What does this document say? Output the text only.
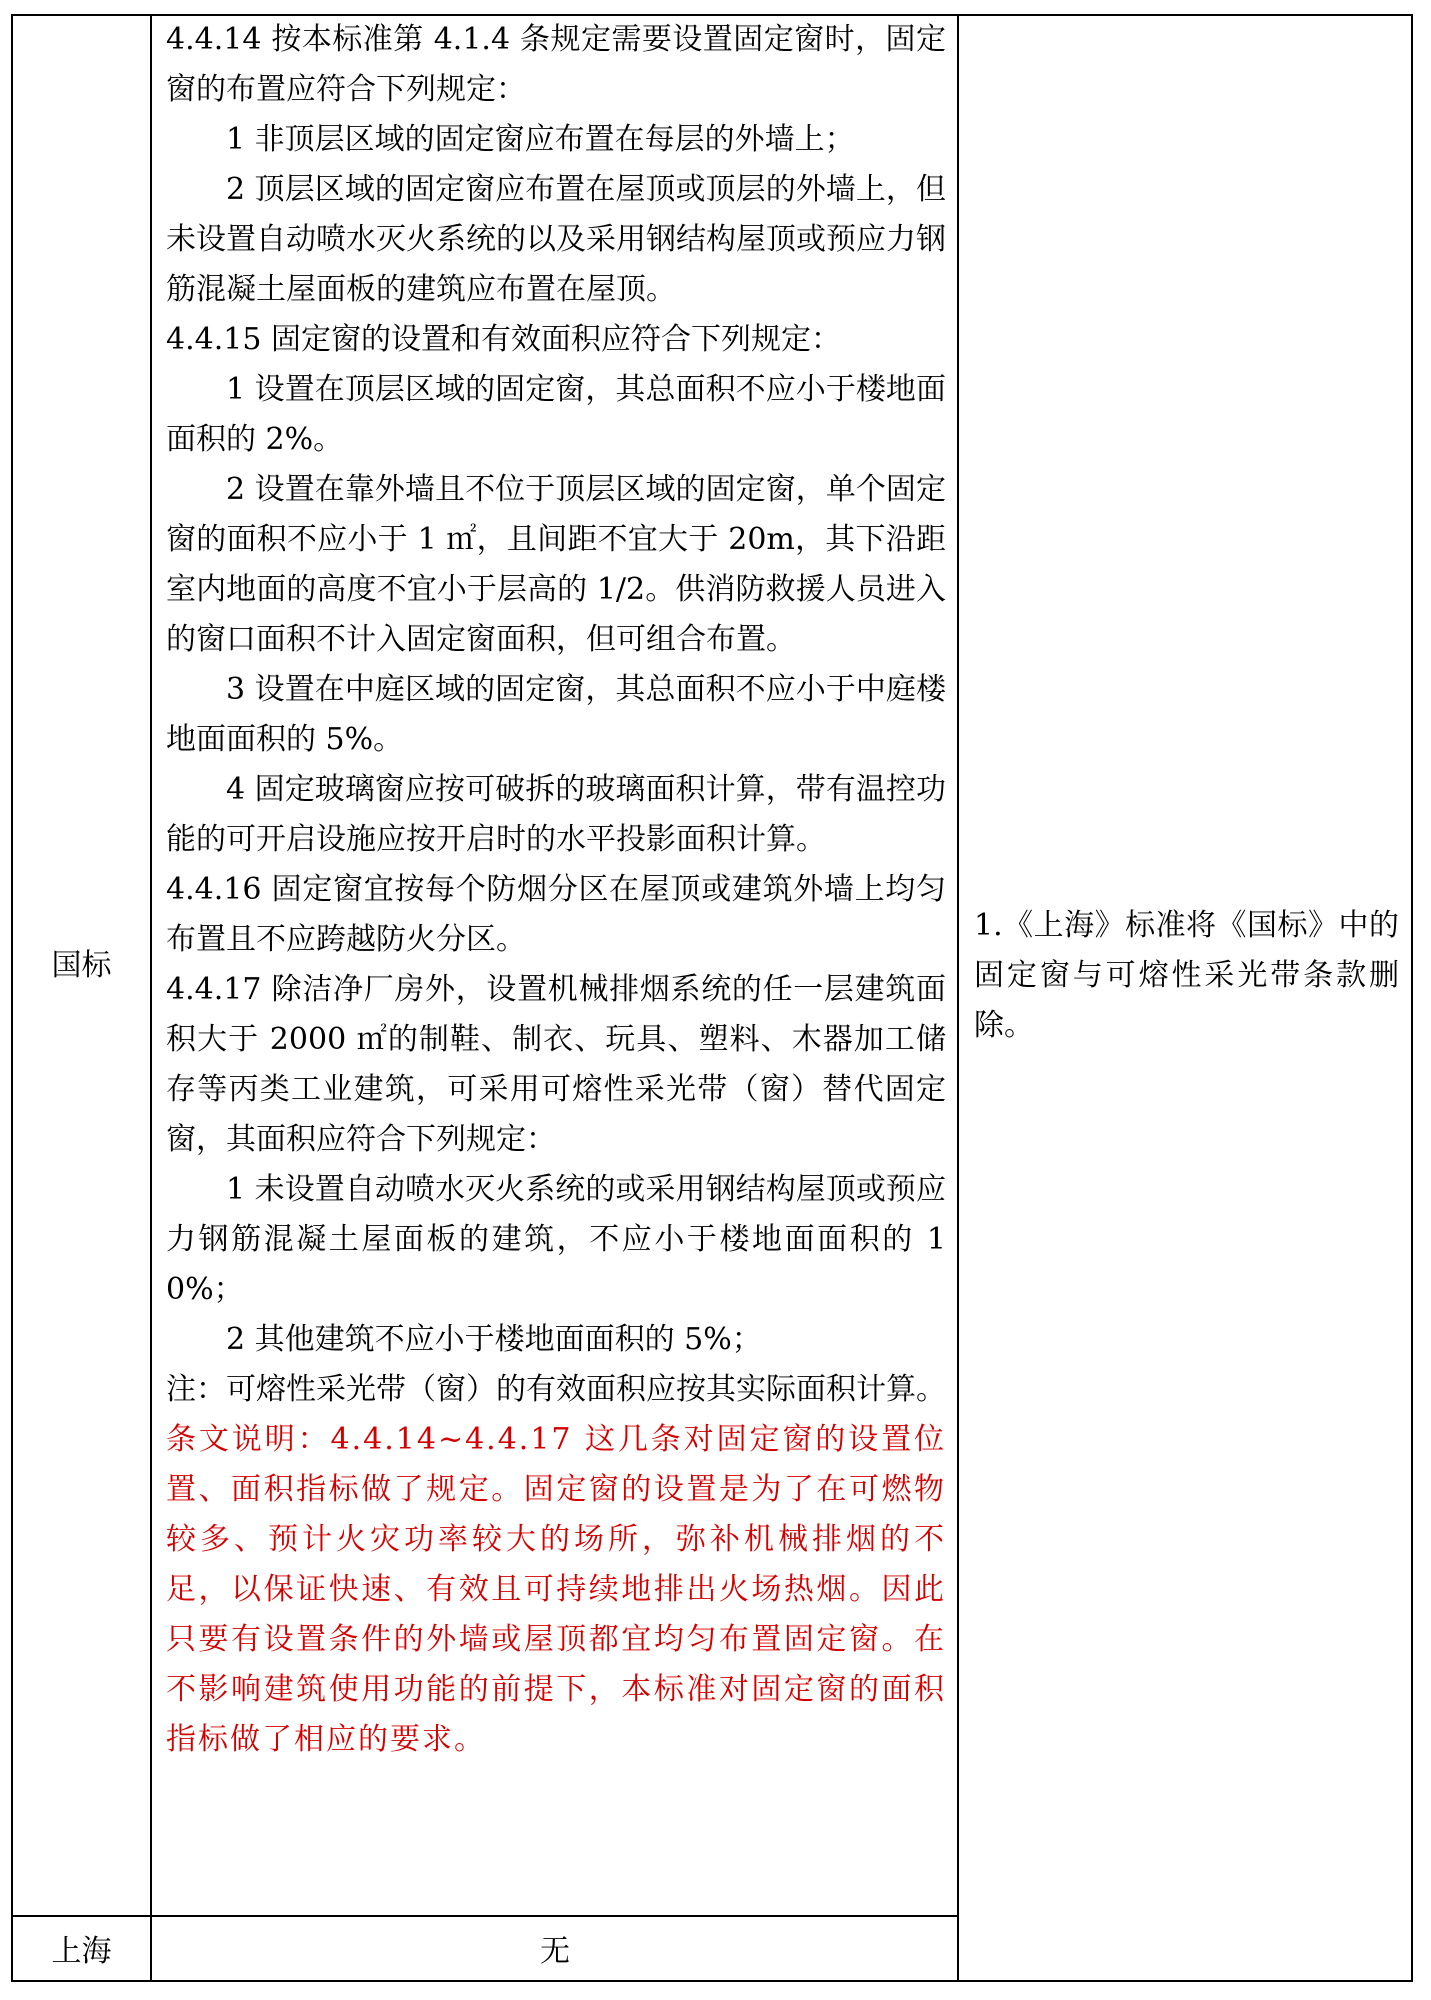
国标
上海

4.4.14 按本标准第 4.1.4 条规定需要设置固定窗时，固定窗的布置应符合下列规定：

1 非顶层区域的固定窗应布置在每层的外墙上；

2 顶层区域的固定窗应布置在屋顶或顶层的外墙上，但未设置自动喷水灭火系统的以及采用钢结构屋顶或预应力钢筋混凝土屋面板的建筑应布置在屋顶。

4.4.15 固定窗的设置和有效面积应符合下列规定：

1 设置在顶层区域的固定窗，其总面积不应小于楼地面面积的 2%。

2 设置在靠外墙且不位于顶层区域的固定窗，单个固定窗的面积不应小于 1 ㎡，且间距不宜大于 20m，其下沿距室内地面的高度不宜小于层高的 1/2。供消防救援人员进入的窗口面积不计入固定窗面积，但可组合布置。

3 设置在中庭区域的固定窗，其总面积不应小于中庭楼地面面积的 5%。

4 固定玻璃窗应按可破拆的玻璃面积计算，带有温控功能的可开启设施应按开启时的水平投影面积计算。

4.4.16 固定窗宜按每个防烟分区在屋顶或建筑外墙上均匀布置且不应跨越防火分区。

4.4.17 除洁净厂房外，设置机械排烟系统的任一层建筑面积大于 2000 ㎡的制鞋、制衣、玩具、塑料、木器加工储存等丙类工业建筑，可采用可熔性采光带（窗）替代固定窗，其面积应符合下列规定：

1 未设置自动喷水灭火系统的或采用钢结构屋顶或预应力钢筋混凝土屋面板的建筑，不应小于楼地面面积的 10%；

2 其他建筑不应小于楼地面面积的 5%；

注：可熔性采光带（窗）的有效面积应按其实际面积计算。

条文说明：4.4.14~4.4.17 这几条对固定窗的设置位置、面积指标做了规定。固定窗的设置是为了在可燃物较多、预计火灾功率较大的场所，弥补机械排烟的不足，以保证快速、有效且可持续地排出火场热烟。因此只要有设置条件的外墙或屋顶都宜均匀布置固定窗。在不影响建筑使用功能的前提下，本标准对固定窗的面积指标做了相应的要求。

1.《上海》标准将《国标》中的固定窗与可熔性采光带条款删除。
无
